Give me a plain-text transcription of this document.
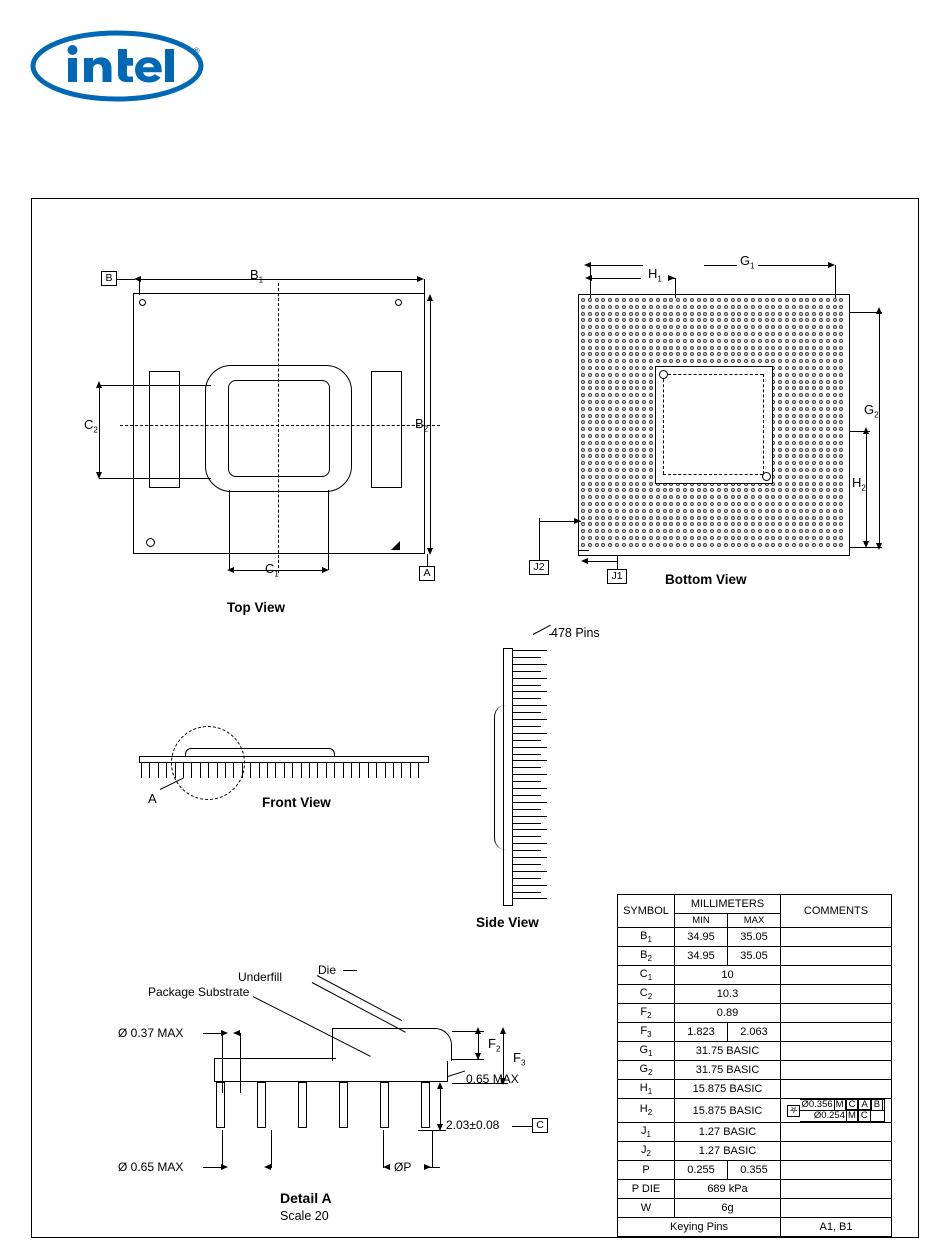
®
$B_1$
B
A
$B_2$
$C_2$
$C_1$
Top View
$G_1$
$H_1$
$G_2$
$H_2$
J1
J2
Bottom View
478 Pins
Side View
A	Front View
Die
Underfill
Package Substrate
Ø 0.37 MAX
$F_2$
$F_3$
0.65 MAX
2.03±0.08	C
Ø 0.65 MAX	ØP
Detail A
Scale 20
SYMBOL	MILLIMETERS		COMMENTS
	MIN	MAX	
$B_1$	34.95	35.05	
$B_2$	34.95	35.05	
$C_1$	10		
$C_2$	10.3		
$F_2$	0.89		
$F_3$	1.823	2.063	
$G_1$	31.75 BASIC		
$G_2$	31.75 BASIC		
$H_1$	15.875 BASIC		
$H_2$	15.875 BASIC		⛧ Ø0.356 M C A B
Ø0.254 M C

$J_1$	1.27 BASIC		
$J_2$	1.27 BASIC		
P	0.255	0.355	
P DIE	689 kPa		
W	6g		
Keying Pins			A1, B1
